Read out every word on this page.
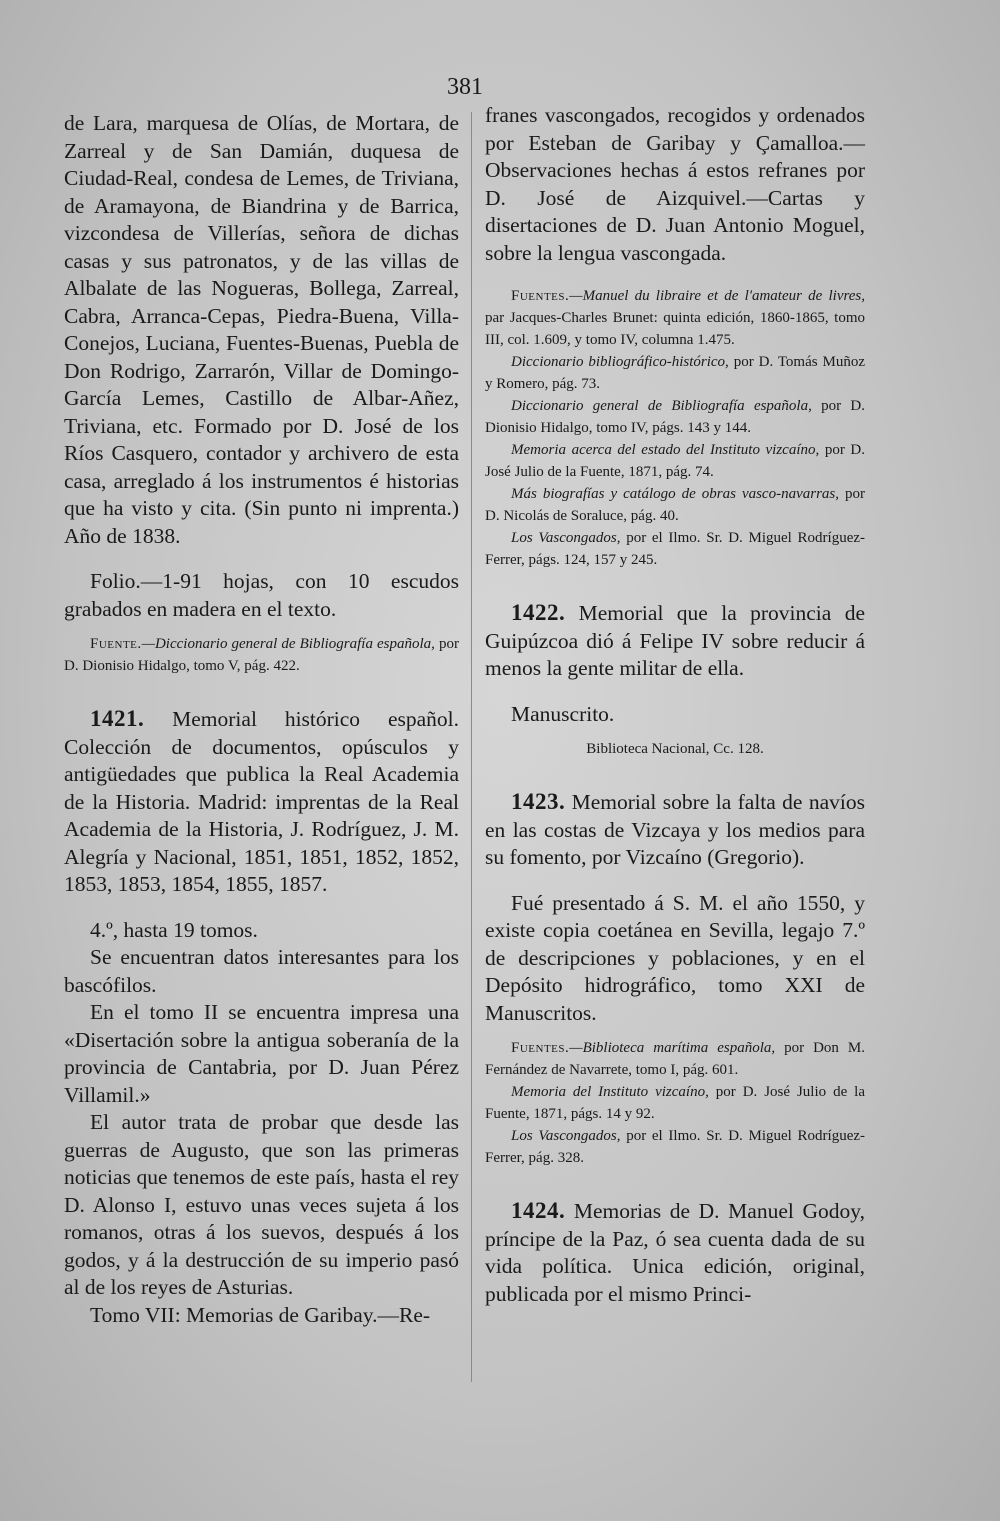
381

de Lara, marquesa de Olías, de Mortara, de Zarreal y de San Damián, duquesa de Ciudad-Real, condesa de Lemes, de Triviana, de Aramayona, de Biandrina y de Barrica, vizcondesa de Villerías, señora de dichas casas y sus patronatos, y de las villas de Albalate de las Nogueras, Bollega, Zarreal, Cabra, Arranca-Cepas, Piedra-Buena, Villa-Conejos, Luciana, Fuentes-Buenas, Puebla de Don Rodrigo, Zarrarón, Villar de Domingo-García Lemes, Castillo de Albar-Añez, Triviana, etc. Formado por D. José de los Ríos Casquero, contador y archivero de esta casa, arreglado á los instrumentos é historias que ha visto y cita. (Sin punto ni imprenta.) Año de 1838.

Folio.—1-91 hojas, con 10 escudos grabados en madera en el texto.

Fuente.—Diccionario general de Bibliografía española, por D. Dionisio Hidalgo, tomo V, pág. 422.

1421. Memorial histórico español. Colección de documentos, opúsculos y antigüedades que publica la Real Academia de la Historia. Madrid: imprentas de la Real Academia de la Historia, J. Rodríguez, J. M. Alegría y Nacional, 1851, 1851, 1852, 1852, 1853, 1853, 1854, 1855, 1857.

4.º, hasta 19 tomos.

Se encuentran datos interesantes para los bascófilos.

En el tomo II se encuentra impresa una «Disertación sobre la antigua soberanía de la provincia de Cantabria, por D. Juan Pérez Villamil.»

El autor trata de probar que desde las guerras de Augusto, que son las primeras noticias que tenemos de este país, hasta el rey D. Alonso I, estuvo unas veces sujeta á los romanos, otras á los suevos, después á los godos, y á la destrucción de su imperio pasó al de los reyes de Asturias.

Tomo VII: Memorias de Garibay.—Re-

franes vascongados, recogidos y ordenados por Esteban de Garibay y Çamalloa.—Observaciones hechas á estos refranes por D. José de Aizquivel.—Cartas y disertaciones de D. Juan Antonio Moguel, sobre la lengua vascongada.

Fuentes.—Manuel du libraire et de l'amateur de livres, par Jacques-Charles Brunet: quinta edición, 1860-1865, tomo III, col. 1.609, y tomo IV, columna 1.475.

Diccionario bibliográfico-histórico, por D. Tomás Muñoz y Romero, pág. 73.

Diccionario general de Bibliografía española, por D. Dionisio Hidalgo, tomo IV, págs. 143 y 144.

Memoria acerca del estado del Instituto vizcaíno, por D. José Julio de la Fuente, 1871, pág. 74.

Más biografías y catálogo de obras vasco-navarras, por D. Nicolás de Soraluce, pág. 40.

Los Vascongados, por el Ilmo. Sr. D. Miguel Rodríguez-Ferrer, págs. 124, 157 y 245.

1422. Memorial que la provincia de Guipúzcoa dió á Felipe IV sobre reducir á menos la gente militar de ella.

Manuscrito.

Biblioteca Nacional, Cc. 128.

1423. Memorial sobre la falta de navíos en las costas de Vizcaya y los medios para su fomento, por Vizcaíno (Gregorio).

Fué presentado á S. M. el año 1550, y existe copia coetánea en Sevilla, legajo 7.º de descripciones y poblaciones, y en el Depósito hidrográfico, tomo XXI de Manuscritos.

Fuentes.—Biblioteca marítima española, por Don M. Fernández de Navarrete, tomo I, pág. 601.

Memoria del Instituto vizcaíno, por D. José Julio de la Fuente, 1871, págs. 14 y 92.

Los Vascongados, por el Ilmo. Sr. D. Miguel Rodríguez-Ferrer, pág. 328.

1424. Memorias de D. Manuel Godoy, príncipe de la Paz, ó sea cuenta dada de su vida política. Unica edición, original, publicada por el mismo Princi-
